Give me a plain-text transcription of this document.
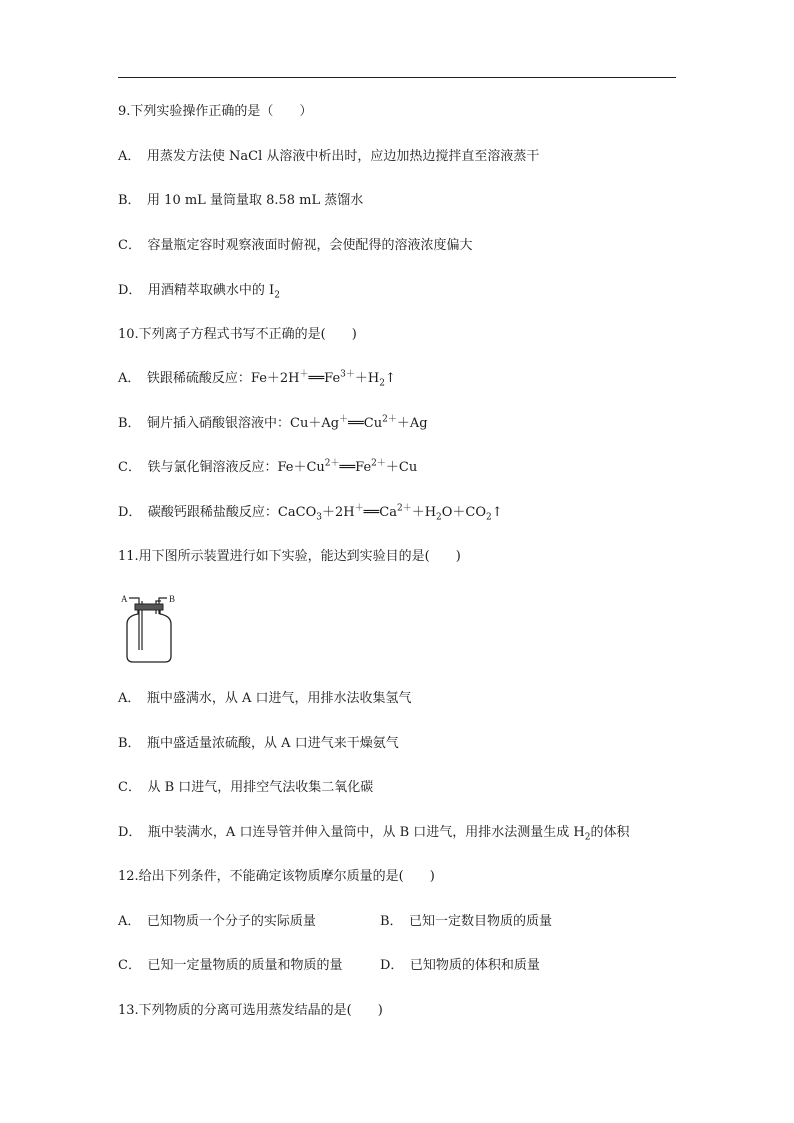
9.下列实验操作正确的是（　　）
A．　用蒸发方法使 NaCl 从溶液中析出时，应边加热边搅拌直至溶液蒸干
B．　用 10 mL 量筒量取 8.58 mL 蒸馏水
C．　容量瓶定容时观察液面时俯视，会使配得的溶液浓度偏大
D．　用酒精萃取碘水中的 $I_2$
10.下列离子方程式书写不正确的是(　　)
A．　铁跟稀硫酸反应：$Fe+2H^+══Fe^{3+}+H_2↑$
B．　铜片插入硝酸银溶液中：$Cu+Ag^+══Cu^{2+}+Ag$
C．　铁与氯化铜溶液反应：$Fe+Cu^{2+}══Fe^{2+}+Cu$
D．　碳酸钙跟稀盐酸反应：$CaCO_3+2H^+══Ca^{2+}+H_2O+CO_2↑$
11.用下图所示装置进行如下实验，能达到实验目的是(　　)
A	B
A．　瓶中盛满水，从 A 口进气，用排水法收集氢气
B．　瓶中盛适量浓硫酸，从 A 口进气来干燥氨气
C．　从 B 口进气，用排空气法收集二氧化碳
D．　瓶中装满水，A 口连导管并伸入量筒中，从 B 口进气，用排水法测量生成 $H_2$的体积
12.给出下列条件，不能确定该物质摩尔质量的是(　　)
A．　已知物质一个分子的实际质量	B．　已知一定数目物质的质量
C．　已知一定量物质的质量和物质的量	D．　已知物质的体积和质量
13.下列物质的分离可选用蒸发结晶的是(　　)
